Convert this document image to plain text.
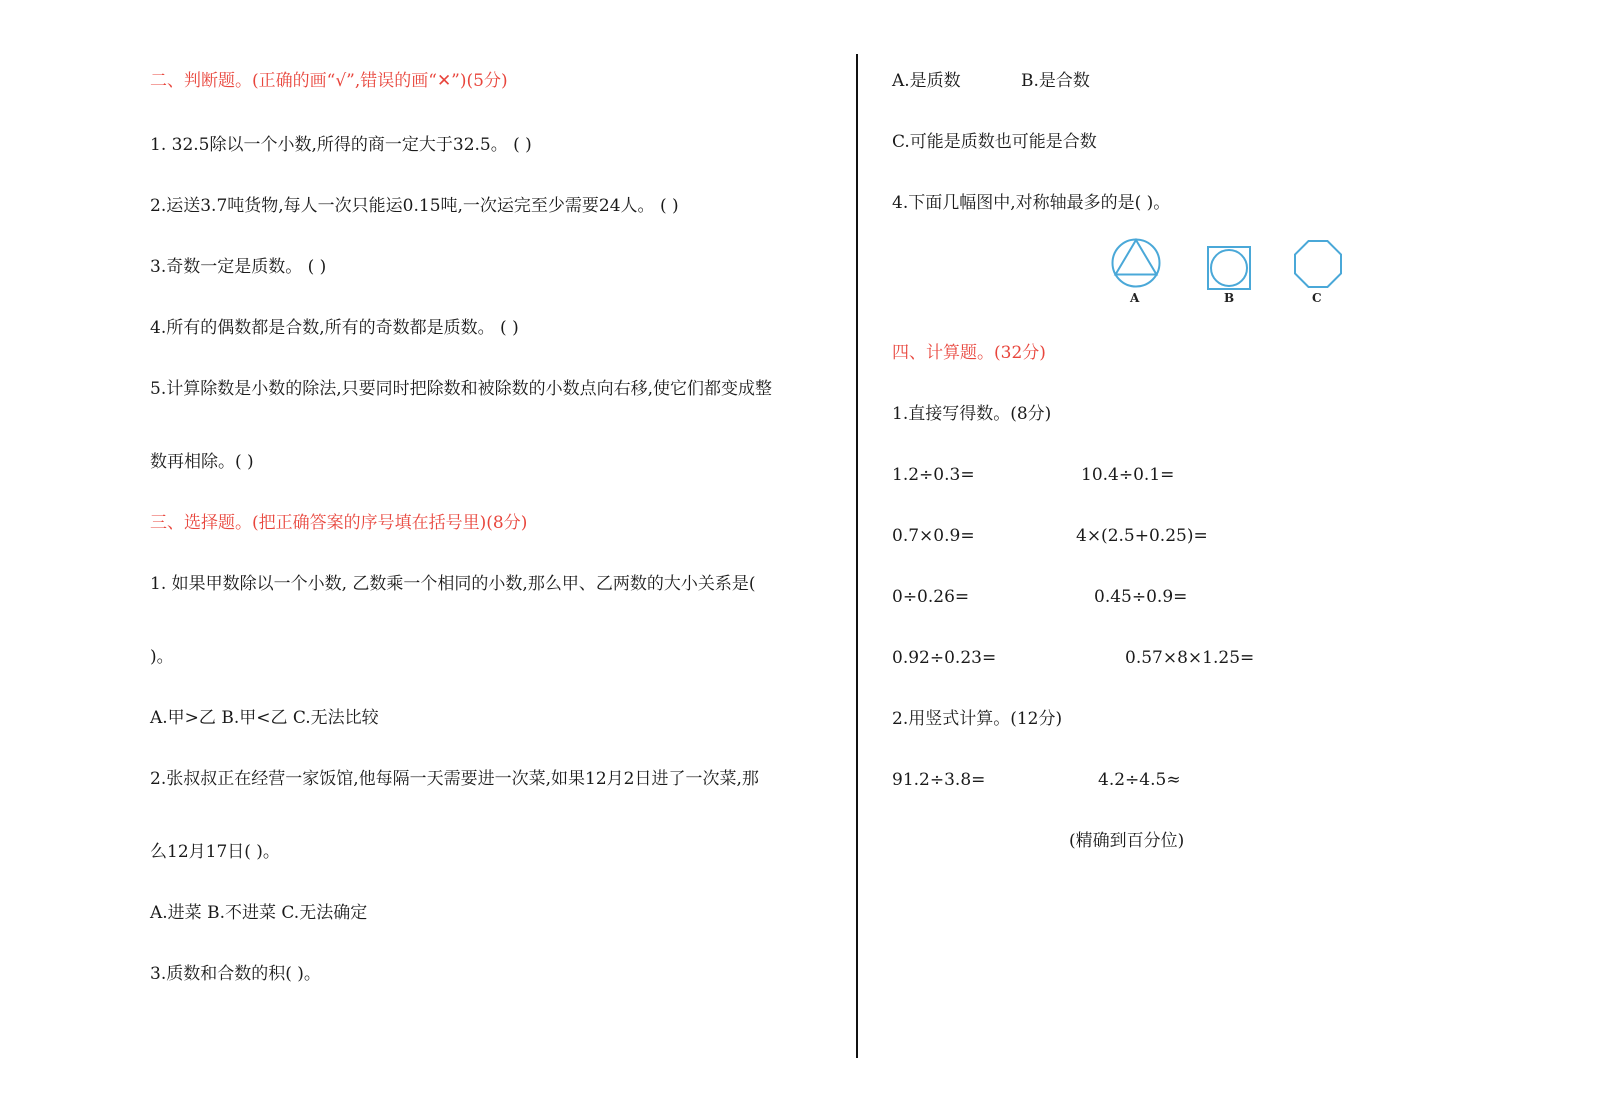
二、判断题。(正确的画“√”,错误的画“✕”)(5分)
1. 32.5除以一个小数,所得的商一定大于32.5。 ( )
2.运送3.7吨货物,每人一次只能运0.15吨,一次运完至少需要24人。 ( )
3.奇数一定是质数。 ( )
4.所有的偶数都是合数,所有的奇数都是质数。 ( )
5.计算除数是小数的除法,只要同时把除数和被除数的小数点向右移,使它们都变成整
数再相除。( )
三、选择题。(把正确答案的序号填在括号里)(8分)
1. 如果甲数除以一个小数, 乙数乘一个相同的小数,那么甲、乙两数的大小关系是(
)。
A.甲>乙 B.甲<乙 C.无法比较
2.张叔叔正在经营一家饭馆,他每隔一天需要进一次菜,如果12月2日进了一次菜,那
么12月17日( )。
A.进菜 B.不进菜 C.无法确定
3.质数和合数的积( )。
A.是质数	B.是合数
C.可能是质数也可能是合数
4.下面几幅图中,对称轴最多的是( )。
A	B	C
四、计算题。(32分)
1.直接写得数。(8分)
1.2÷0.3=	10.4÷0.1=
0.7×0.9=	4×(2.5+0.25)=
0÷0.26=	0.45÷0.9=
0.92÷0.23=	0.57×8×1.25=
2.用竖式计算。(12分)
91.2÷3.8=	4.2÷4.5≈
(精确到百分位)
